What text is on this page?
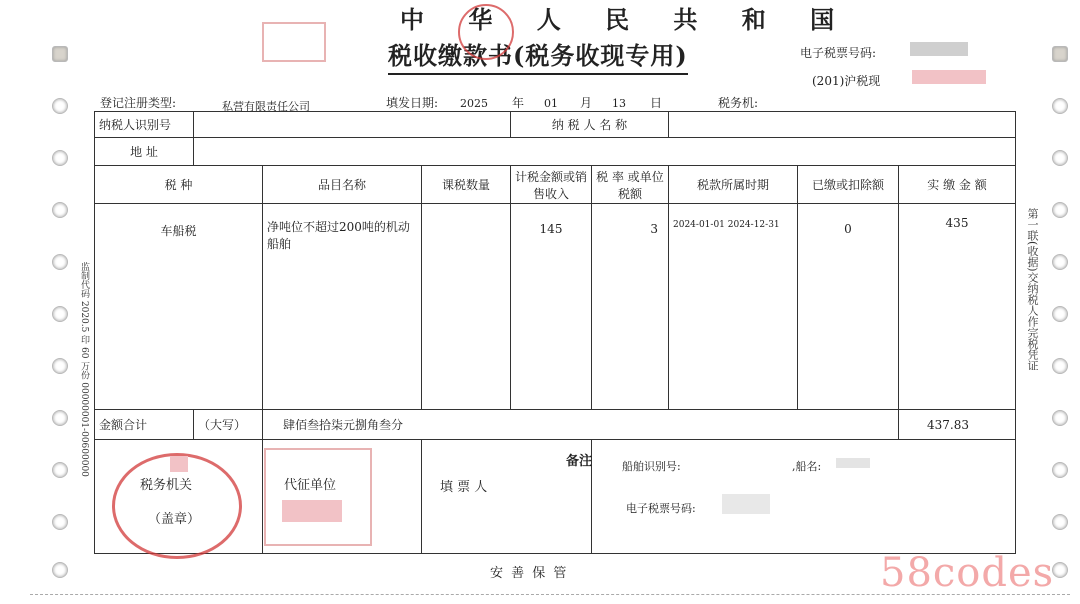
中 华 人 民 共 和 国
税收缴款书(税务收现专用)	电子税票号码:
(201)沪税现
登记注册类型:	私营有限责任公司	填发日期: 2025 年 01 月 13 日	税务机:
纳税人识别号				纳 税 人 名 称				
地 址								
税 种		品目名称	课税数量	计税金额或销售收入	税 率 或单位税额	税款所属时期	已缴或扣除额	实 缴 金 额
车船税		净吨位不超过200吨的机动船舶		145	3	2024-01-01 2024-12-31	0	435
金额合计	（大写）	肆佰叁拾柒元捌角叁分						437.83

税务机关
（盖章）
代征单位	填 票 人
备注	船舶识别号:	,船名:
电子税票号码:
安 善 保 管
第一联(收据)交纳税人作完税凭证
监制代码 2020.5 印 60 万份 00000001-00600000
58codes
